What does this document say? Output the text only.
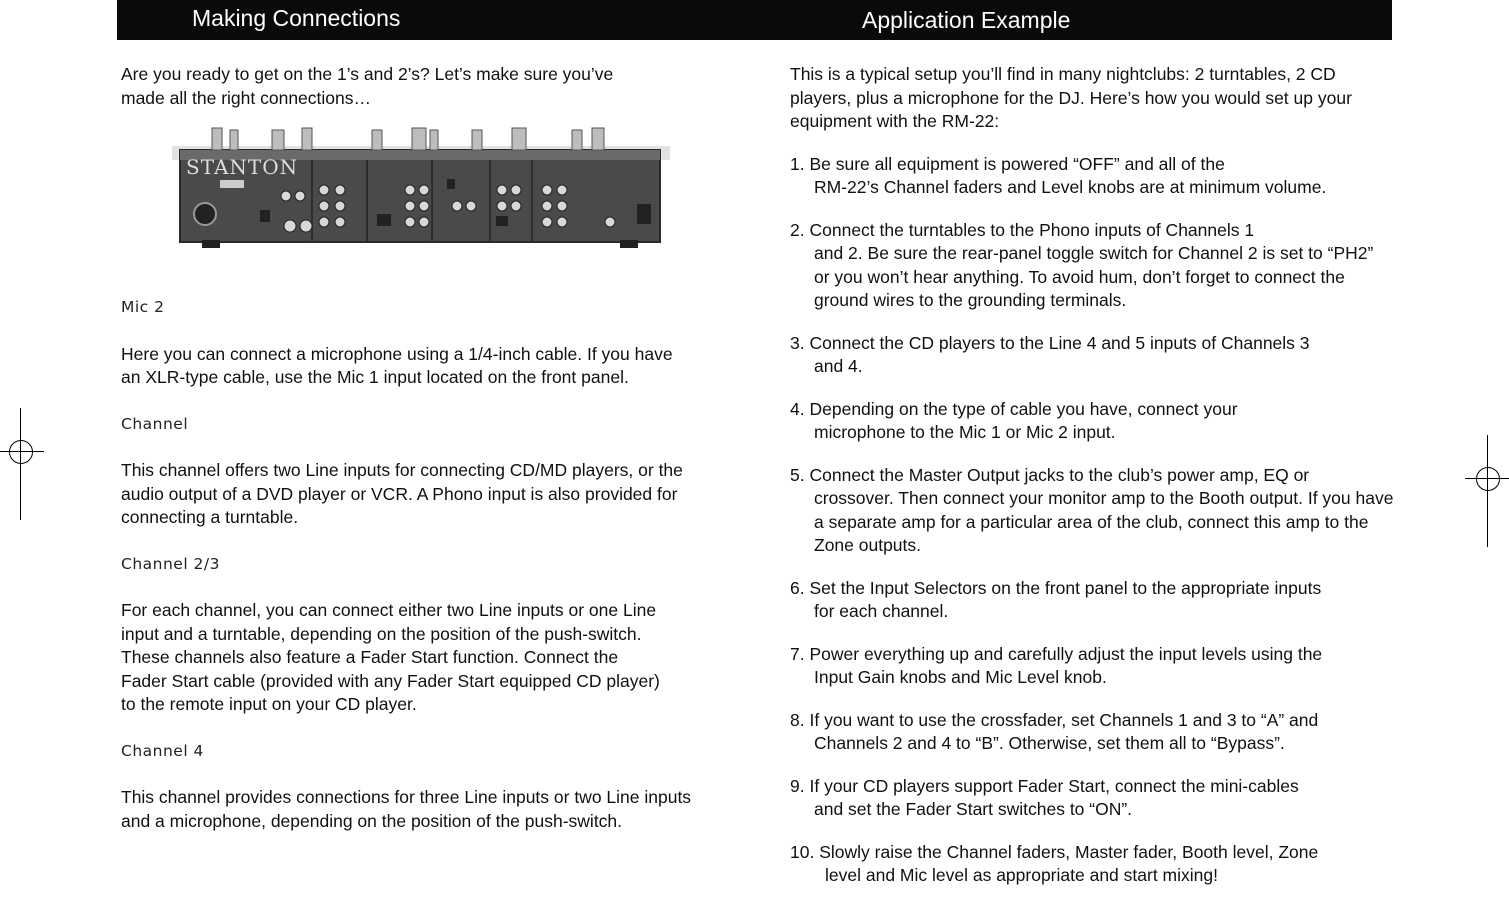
Making Connections	Application Example

Are you ready to get on the 1’s and 2’s? Let’s make sure you’ve made all the right connections…

Mic 2

Here you can connect a microphone using a 1/4-inch cable. If you have an XLR-type cable, use the Mic 1 input located on the front panel.

Channel

This channel offers two Line inputs for connecting CD/MD players, or the audio output of a DVD player or VCR. A Phono input is also provided for connecting a turntable.

Channel 2/3

For each channel, you can connect either two Line inputs or one Line input and a turntable, depending on the position of the push-switch. These channels also feature a Fader Start function. Connect the Fader Start cable (provided with any Fader Start equipped CD player) to the remote input on your CD player.

Channel 4

This channel provides connections for three Line inputs or two Line inputs and a microphone, depending on the position of the push-switch.

STANTON

This is a typical setup you’ll find in many nightclubs: 2 turntables, 2 CD players, plus a microphone for the DJ. Here’s how you would set up your equipment with the RM-22:

1. Be sure all equipment is powered “OFF” and all of the
RM-22’s Channel faders and Level knobs are at minimum volume.
2. Connect the turntables to the Phono inputs of Channels 1
and 2. Be sure the rear-panel toggle switch for Channel 2 is set to “PH2” or you won’t hear anything. To avoid hum, don’t forget to connect the ground wires to the grounding terminals.
3. Connect the CD players to the Line 4 and 5 inputs of Channels 3
and 4.
4. Depending on the type of cable you have, connect your
microphone to the Mic 1 or Mic 2 input.
5. Connect the Master Output jacks to the club’s power amp, EQ or
crossover. Then connect your monitor amp to the Booth output. If you have a separate amp for a particular area of the club, connect this amp to the Zone outputs.
6. Set the Input Selectors on the front panel to the appropriate inputs
for each channel.
7. Power everything up and carefully adjust the input levels using the
Input Gain knobs and Mic Level knob.
8. If you want to use the crossfader, set Channels 1 and 3 to “A” and
Channels 2 and 4 to “B”. Otherwise, set them all to “Bypass”.
9. If your CD players support Fader Start, connect the mini-cables
and set the Fader Start switches to “ON”.
10. Slowly raise the Channel faders, Master fader, Booth level, Zone
level and Mic level as appropriate and start mixing!
